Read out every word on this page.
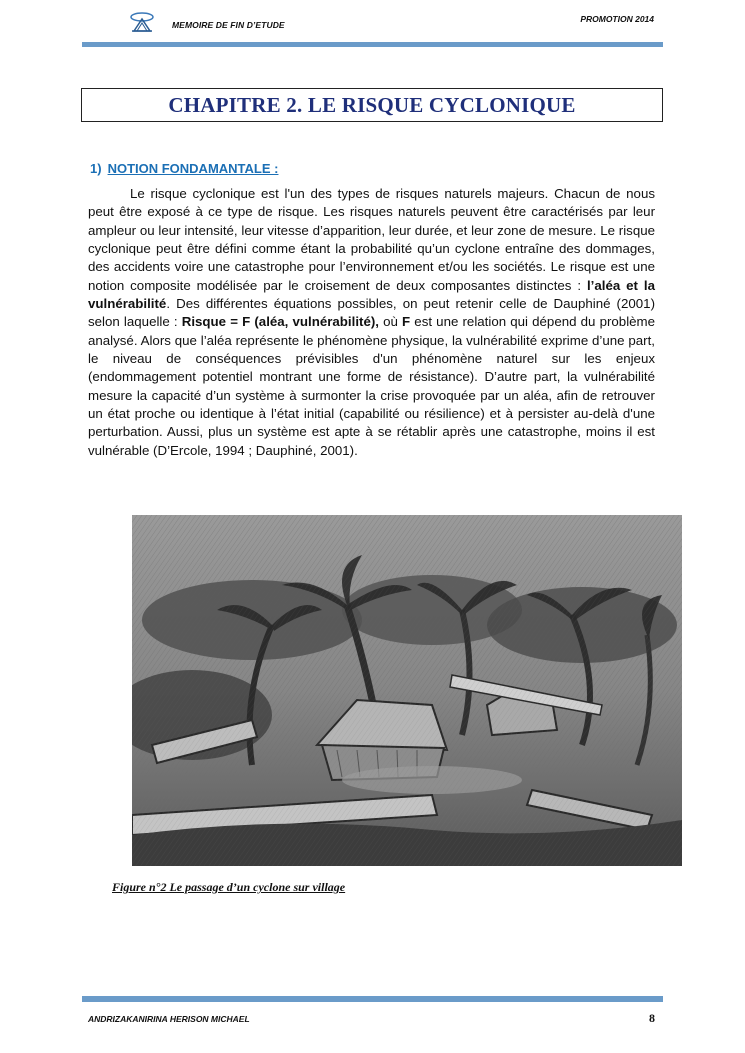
MEMOIRE DE FIN D’ETUDE
PROMOTION 2014
CHAPITRE 2. LE RISQUE CYCLONIQUE
1) NOTION FONDAMANTALE :

Le risque cyclonique est l'un des types de risques naturels majeurs. Chacun de nous peut être exposé à ce type de risque. Les risques naturels peuvent être caractérisés par leur ampleur ou leur intensité, leur vitesse d’apparition, leur durée, et leur zone de mesure. Le risque cyclonique peut être défini comme étant la probabilité qu’un cyclone entraîne des dommages, des accidents voire une catastrophe pour l’environnement et/ou les sociétés. Le risque est une notion composite modélisée par le croisement de deux composantes distinctes : l’aléa et la vulnérabilité. Des différentes équations possibles, on peut retenir celle de Dauphiné (2001) selon laquelle : Risque = F (aléa, vulnérabilité), où F est une relation qui dépend du problème analysé. Alors que l’aléa représente le phénomène physique, la vulnérabilité exprime d’une part, le niveau de conséquences prévisibles d'un phénomène naturel sur les enjeux (endommagement potentiel montrant une forme de résistance). D’autre part, la vulnérabilité mesure la capacité d’un système à surmonter la crise provoquée par un aléa, afin de retrouver un état proche ou identique à l’état initial (capabilité ou résilience) et à persister au-delà d'une perturbation. Aussi, plus un système est apte à se rétablir après une catastrophe, moins il est vulnérable (D’Ercole, 1994 ; Dauphiné, 2001).

Figure n°2 Le passage d’un cyclone sur village
ANDRIZAKANIRINA HERISON MICHAEL	8
